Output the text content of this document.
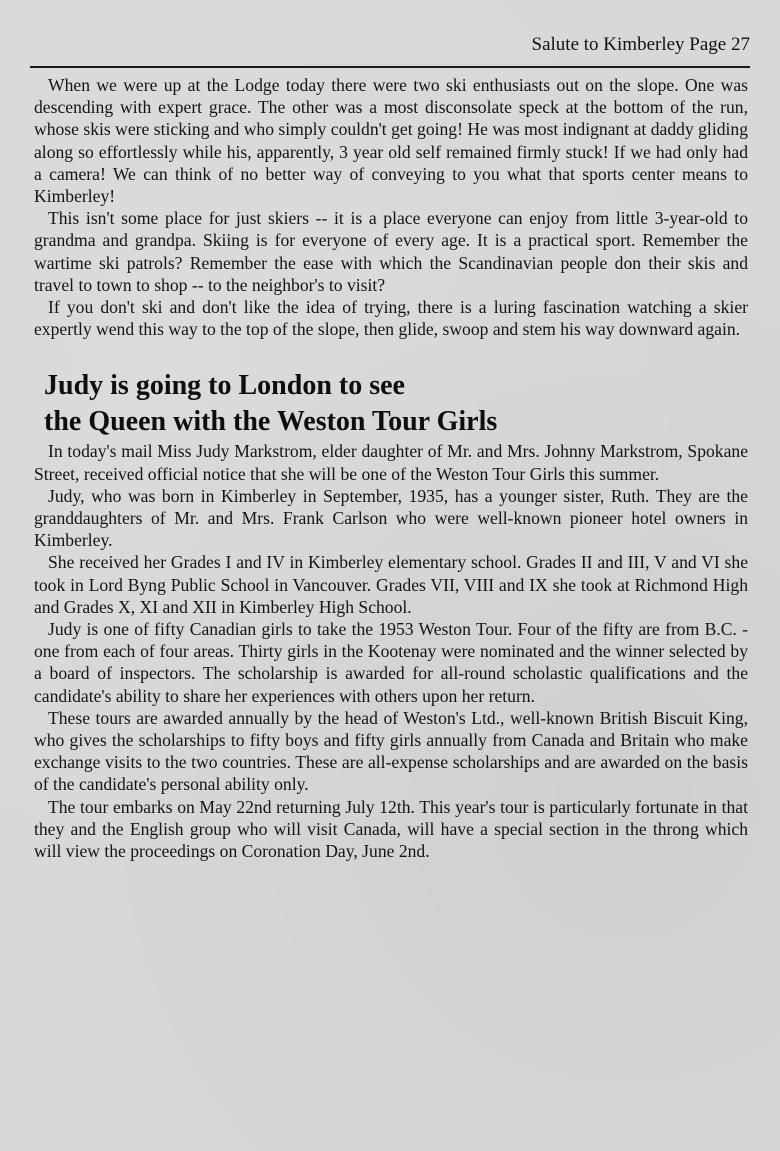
Salute to Kimberley Page 27

When we were up at the Lodge today there were two ski enthusiasts out on the slope. One was descending with expert grace. The other was a most disconsolate speck at the bottom of the run, whose skis were sticking and who simply couldn't get going! He was most indignant at daddy gliding along so effortlessly while his, apparently, 3 year old self remained firmly stuck! If we had only had a camera! We can think of no better way of conveying to you what that sports center means to Kimberley!

This isn't some place for just skiers -- it is a place everyone can enjoy from little 3-year-old to grandma and grandpa. Skiing is for everyone of every age. It is a practical sport. Remember the wartime ski patrols? Remember the ease with which the Scandinavian people don their skis and travel to town to shop -- to the neighbor's to visit?

If you don't ski and don't like the idea of trying, there is a luring fascination watching a skier expertly wend this way to the top of the slope, then glide, swoop and stem his way downward again.

Judy is going to London to see
the Queen with the Weston Tour Girls

In today's mail Miss Judy Markstrom, elder daughter of Mr. and Mrs. Johnny Markstrom, Spokane Street, received official notice that she will be one of the Weston Tour Girls this summer.

Judy, who was born in Kimberley in September, 1935, has a younger sister, Ruth. They are the granddaughters of Mr. and Mrs. Frank Carlson who were well-known pioneer hotel owners in Kimberley.

She received her Grades I and IV in Kimberley elementary school. Grades II and III, V and VI she took in Lord Byng Public School in Vancouver. Grades VII, VIII and IX she took at Richmond High and Grades X, XI and XII in Kimberley High School.

Judy is one of fifty Canadian girls to take the 1953 Weston Tour. Four of the fifty are from B.C. - one from each of four areas. Thirty girls in the Kootenay were nominated and the winner selected by a board of inspectors. The scholarship is awarded for all-round scholastic qualifications and the candidate's ability to share her experiences with others upon her return.

These tours are awarded annually by the head of Weston's Ltd., well-known British Biscuit King, who gives the scholarships to fifty boys and fifty girls annually from Canada and Britain who make exchange visits to the two countries. These are all-expense scholarships and are awarded on the basis of the candidate's personal ability only.

The tour embarks on May 22nd returning July 12th. This year's tour is particularly fortunate in that they and the English group who will visit Canada, will have a special section in the throng which will view the proceedings on Coronation Day, June 2nd.
